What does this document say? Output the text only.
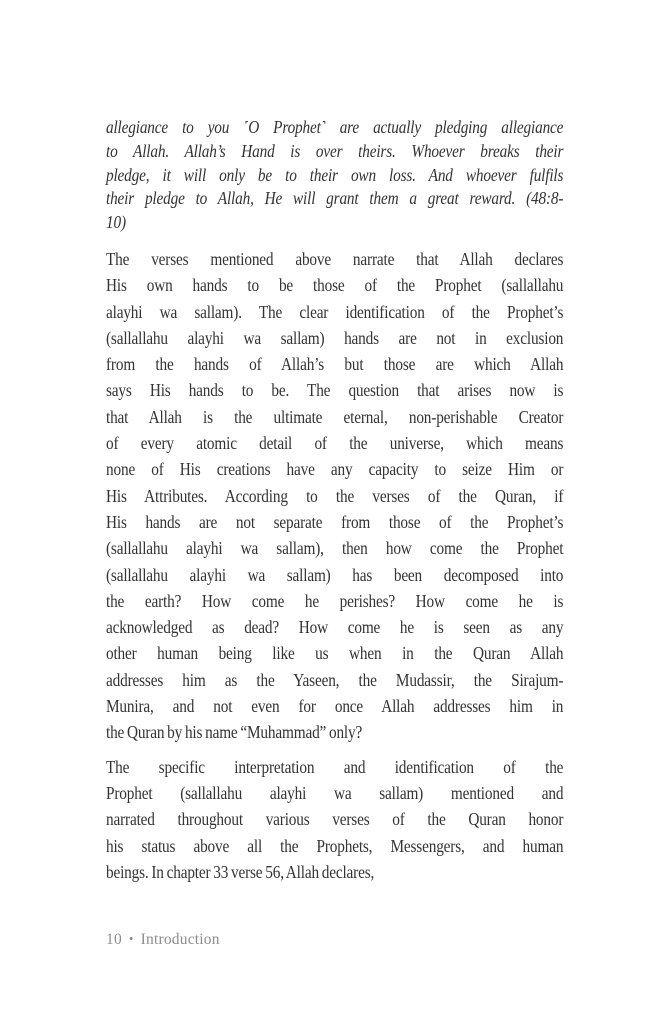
allegiance to you ˹O Prophet˺ are actually pledging allegiance
to Allah. Allah’s Hand is over theirs. Whoever breaks their
pledge, it will only be to their own loss. And whoever fulfils
their pledge to Allah, He will grant them a great reward. (48:8-
10)
The verses mentioned above narrate that Allah declares
His own hands to be those of the Prophet (sallallahu
alayhi wa sallam). The clear identification of the Prophet’s
(sallallahu alayhi wa sallam) hands are not in exclusion
from the hands of Allah’s but those are which Allah
says His hands to be. The question that arises now is
that Allah is the ultimate eternal, non-perishable Creator
of every atomic detail of the universe, which means
none of His creations have any capacity to seize Him or
His Attributes. According to the verses of the Quran, if
His hands are not separate from those of the Prophet’s
(sallallahu alayhi wa sallam), then how come the Prophet
(sallallahu alayhi wa sallam) has been decomposed into
the earth? How come he perishes? How come he is
acknowledged as dead? How come he is seen as any
other human being like us when in the Quran Allah
addresses him as the Yaseen, the Mudassir, the Sirajum-
Munira, and not even for once Allah addresses him in
the Quran by his name “Muhammad” only?
The specific interpretation and identification of the
Prophet (sallallahu alayhi wa sallam) mentioned and
narrated throughout various verses of the Quran honor
his status above all the Prophets, Messengers, and human
beings. In chapter 33 verse 56, Allah declares,
10 • Introduction
